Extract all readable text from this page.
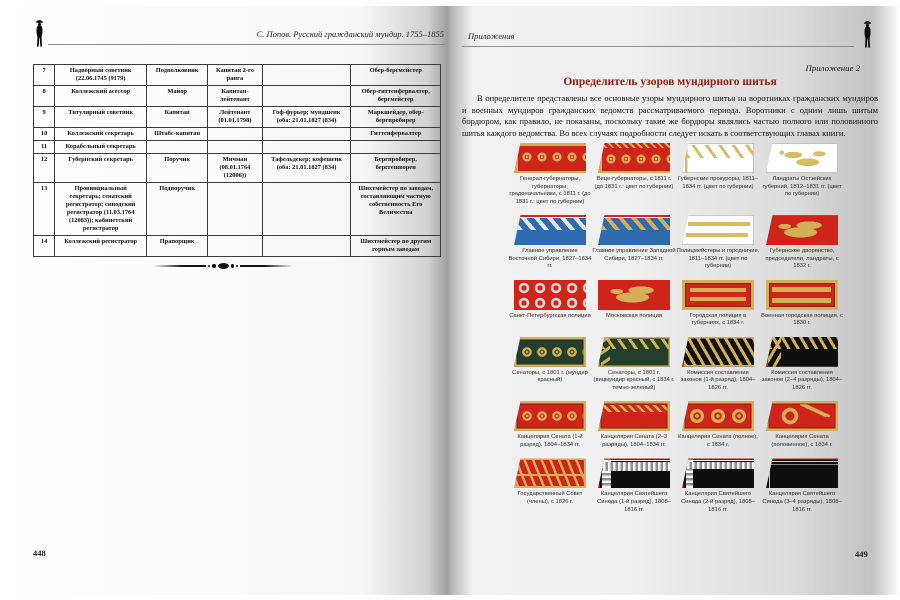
С. Попов. Русский гражданский мундир. 1755–1855
7	Надворный советник (22.06.1745 (9179)	Подполковник	Капитан 2-го ранга		Обер-бергмейстер
8	Коллежский асессор	Майор	Капитан-лейтенант		Обер-гиттенфервалтер, бергмейстер
9	Титулярный советник	Капитан	Лейтенант (01.01.1798)	Гоф-фурьер; мундшенк (оба: 21.01.1827 (834)	Маркшейдер, обер-бергпробирер
10	Коллежский секретарь	Штабс-капитан			Гиттенфервалтер
11	Корабельный секретарь				
12	Губернский секретарь	Поручик	Мичман (08.01.1764 (12006))	Тафельдекер; кофешенк (оба: 21.01.1827 (834)	Бергпробирер, берггешворен
13	Провинциальный секретарь; сенатский регистратор; синодский регистратор (11.03.1764 (12083)); кабинетский регистратор	Подпоручик			Шихтмейстер по заводам, составляющим частную собственность Его Величества
14	Коллежский регистратор	Прапорщик			Шихтмейстер по другим горным заводам
448
Приложения
Приложение 2
Определитель узоров мундирного шитья
В определителе представлены все основные узоры мундирного шитья на воротниках гражданских мундиров и военных мундиров гражданских ведомств рассматриваемого периода. Воротники с одним лишь шитым бордюром, как правило, не показаны, поскольку такие же бордюры являлись частью полного или половинного шитья каждого ведомства. Во всех случаях подробности следует искать в соответствующих главах книги.
Генерал-губернаторы, губернаторы, градоначальники, с 1811 г. (до 1831 г.: цвет по губернии)
Вице-губернаторы, с 1811 г. (до 1831 г.: цвет по губернии)
Губернские прокуроры, 1811–1834 гг. (цвет по губернии)
Ландраты Остзейских губерний, 1812–1831 гг. (цвет по губернии)
Главное управление Восточной Сибири, 1827–1834 гг.
Главное управление Западной Сибири, 1827–1834 гг.
Полицмейстеры и городничие, 1811–1834 гг. (цвет по губернии)
Губернское дворянство, председатели, ландраты, с 1832 г.
Санкт-Петербургская полиция	Московская полиция	Городская полиция в губерниях, с 1834 г.
Военная городская полиция, с 1830 г.
Сенаторы, с 1801 г. (мундир красный)
Сенаторы, с 1801 г. (вицмундир красный, с 1834 г. темно-зеленый)
Комиссия составления законов (1-й разряд), 1804–1826 гг.
Комиссия составления законов (2–4 разряды), 1804–1826 гг.
Канцелярия Сената (1-й разряд), 1804–1834 гг.
Канцелярия Сената (2–3 разряды), 1804–1834 гг.
Канцелярия Сената (полное), с 1834 г.
Канцелярия Сената (половинное), с 1834 г.
Государственный Совет (члены), с 1826 г.
Канцелярия Святейшего Синода (1-й разряд), 1808–1816 гг.
Канцелярия Святейшего Синода (2-й разряд), 1808–1816 гг.
Канцелярия Святейшего Синода (3–4 разряды), 1808–1816 гг.
449
